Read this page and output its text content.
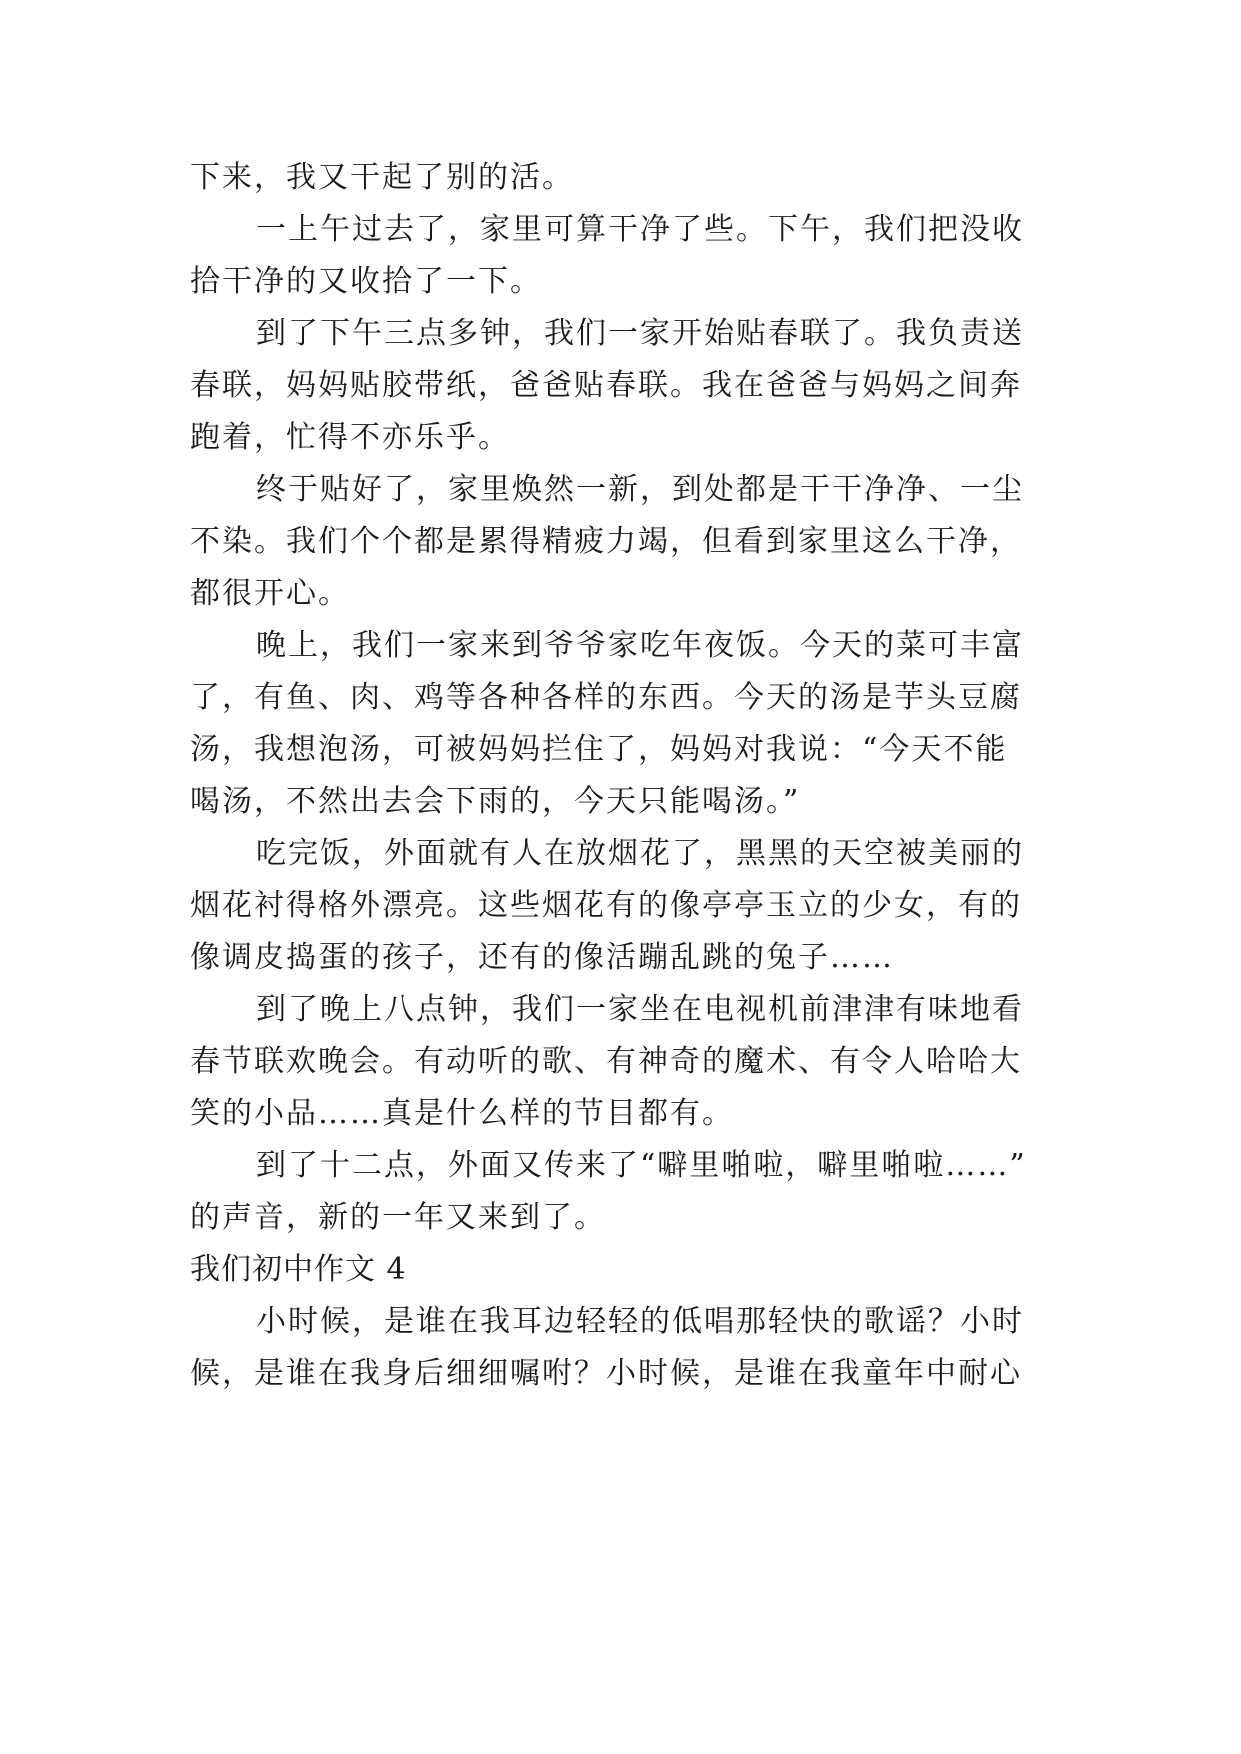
下来，我又干起了别的活。
一上午过去了，家里可算干净了些。下午，我们把没收
拾干净的又收拾了一下。
到了下午三点多钟，我们一家开始贴春联了。我负责送
春联，妈妈贴胶带纸，爸爸贴春联。我在爸爸与妈妈之间奔
跑着，忙得不亦乐乎。
终于贴好了，家里焕然一新，到处都是干干净净、一尘
不染。我们个个都是累得精疲力竭，但看到家里这么干净，
都很开心。
晚上，我们一家来到爷爷家吃年夜饭。今天的菜可丰富
了，有鱼、肉、鸡等各种各样的东西。今天的汤是芋头豆腐
汤，我想泡汤，可被妈妈拦住了，妈妈对我说：“今天不能
喝汤，不然出去会下雨的，今天只能喝汤。”
吃完饭，外面就有人在放烟花了，黑黑的天空被美丽的
烟花衬得格外漂亮。这些烟花有的像亭亭玉立的少女，有的
像调皮捣蛋的孩子，还有的像活蹦乱跳的兔子……
到了晚上八点钟，我们一家坐在电视机前津津有味地看
春节联欢晚会。有动听的歌、有神奇的魔术、有令人哈哈大
笑的小品……真是什么样的节目都有。
到了十二点，外面又传来了“噼里啪啦，噼里啪啦……”
的声音，新的一年又来到了。
我们初中作文 4
小时候，是谁在我耳边轻轻的低唱那轻快的歌谣？小时
候，是谁在我身后细细嘱咐？小时候，是谁在我童年中耐心
